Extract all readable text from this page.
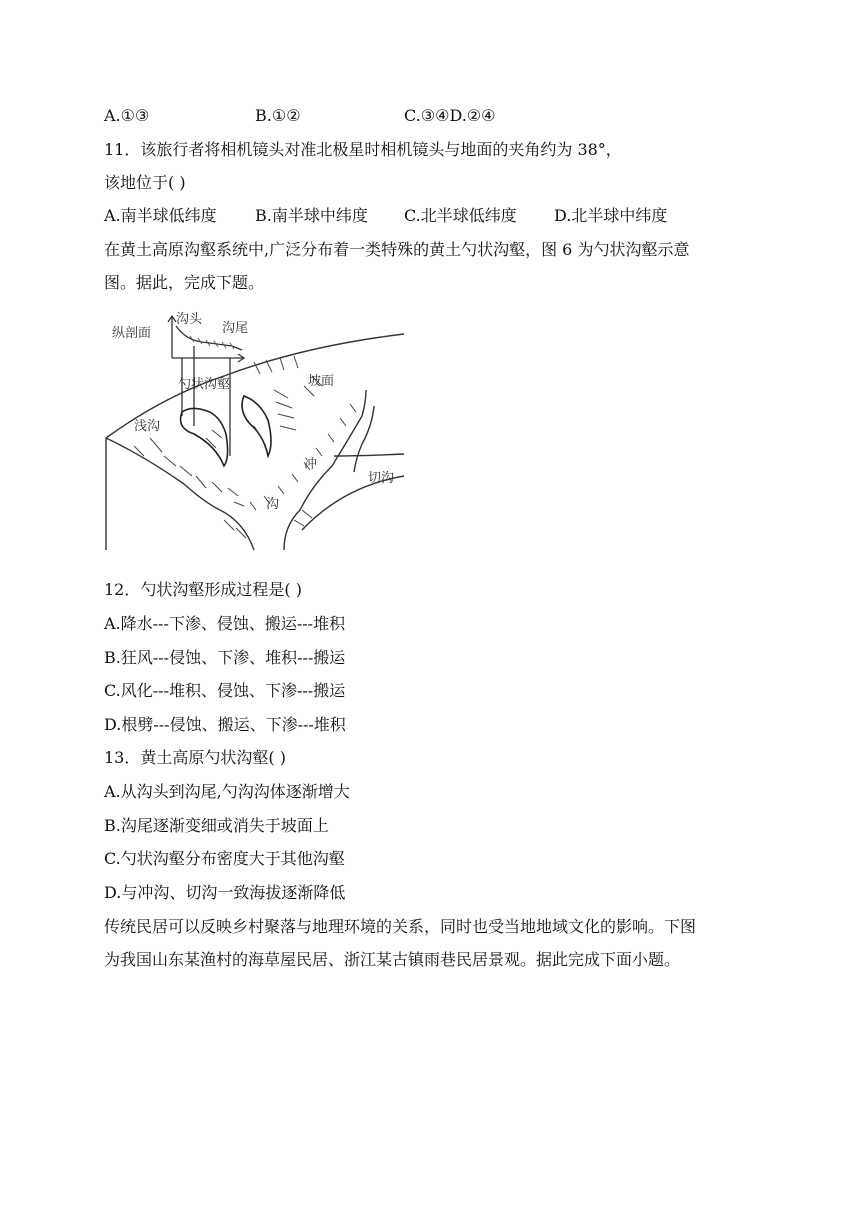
A.①③	B.①②	C.③④D.②④
11．该旅行者将相机镜头对准北极星时相机镜头与地面的夹角约为 38°，
该地位于( )
A.南半球低纬度 B.南半球中纬度 C.北半球低纬度 D.北半球中纬度
在黄土高原沟壑系统中,广泛分布着一类特殊的黄土勺状沟壑，图 6 为勺状沟壑示意
图。据此，完成下题。
纵剖面
沟头
沟尾
勺状沟壑	坡面
浅沟
冲
沟
切沟
12．勺状沟壑形成过程是( )
A.降水---下渗、侵蚀、搬运---堆积
B.狂风---侵蚀、下渗、堆积---搬运
C.风化---堆积、侵蚀、下渗---搬运
D.根劈---侵蚀、搬运、下渗---堆积
13．黄土高原勺状沟壑( )
A.从沟头到沟尾,勺沟沟体逐渐增大
B.沟尾逐渐变细或消失于坡面上
C.勺状沟壑分布密度大于其他沟壑
D.与冲沟、切沟一致海拔逐渐降低
传统民居可以反映乡村聚落与地理环境的关系，同时也受当地地域文化的影响。下图
为我国山东某渔村的海草屋民居、浙江某古镇雨巷民居景观。据此完成下面小题。
